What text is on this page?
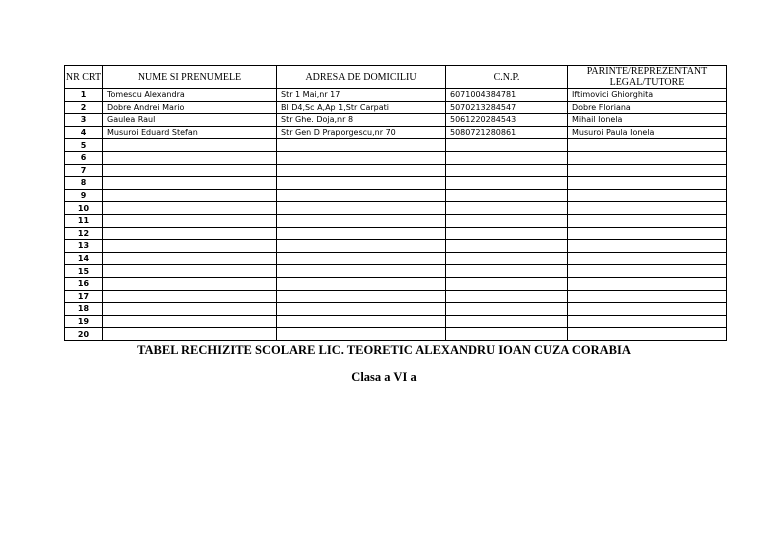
NR CRT	NUME SI PRENUMELE	ADRESA DE DOMICILIU	C.N.P.	PARINTE/REPREZENTANT LEGAL/TUTORE
1	Tomescu Alexandra	Str 1 Mai,nr 17	6071004384781	Iftimovici Ghiorghita
2	Dobre Andrei Mario	Bl D4,Sc A,Ap 1,Str Carpati	5070213284547	Dobre Floriana
3	Gaulea Raul	Str Ghe. Doja,nr 8	5061220284543	Mihail Ionela
4	Musuroi Eduard Stefan	Str Gen D Praporgescu,nr 70	5080721280861	Musuroi Paula Ionela
5				
6				
7				
8				
9				
10				
11				
12				
13				
14				
15				
16				
17				
18				
19				
20				
TABEL RECHIZITE SCOLARE LIC. TEORETIC ALEXANDRU IOAN CUZA CORABIA
Clasa a VI a
